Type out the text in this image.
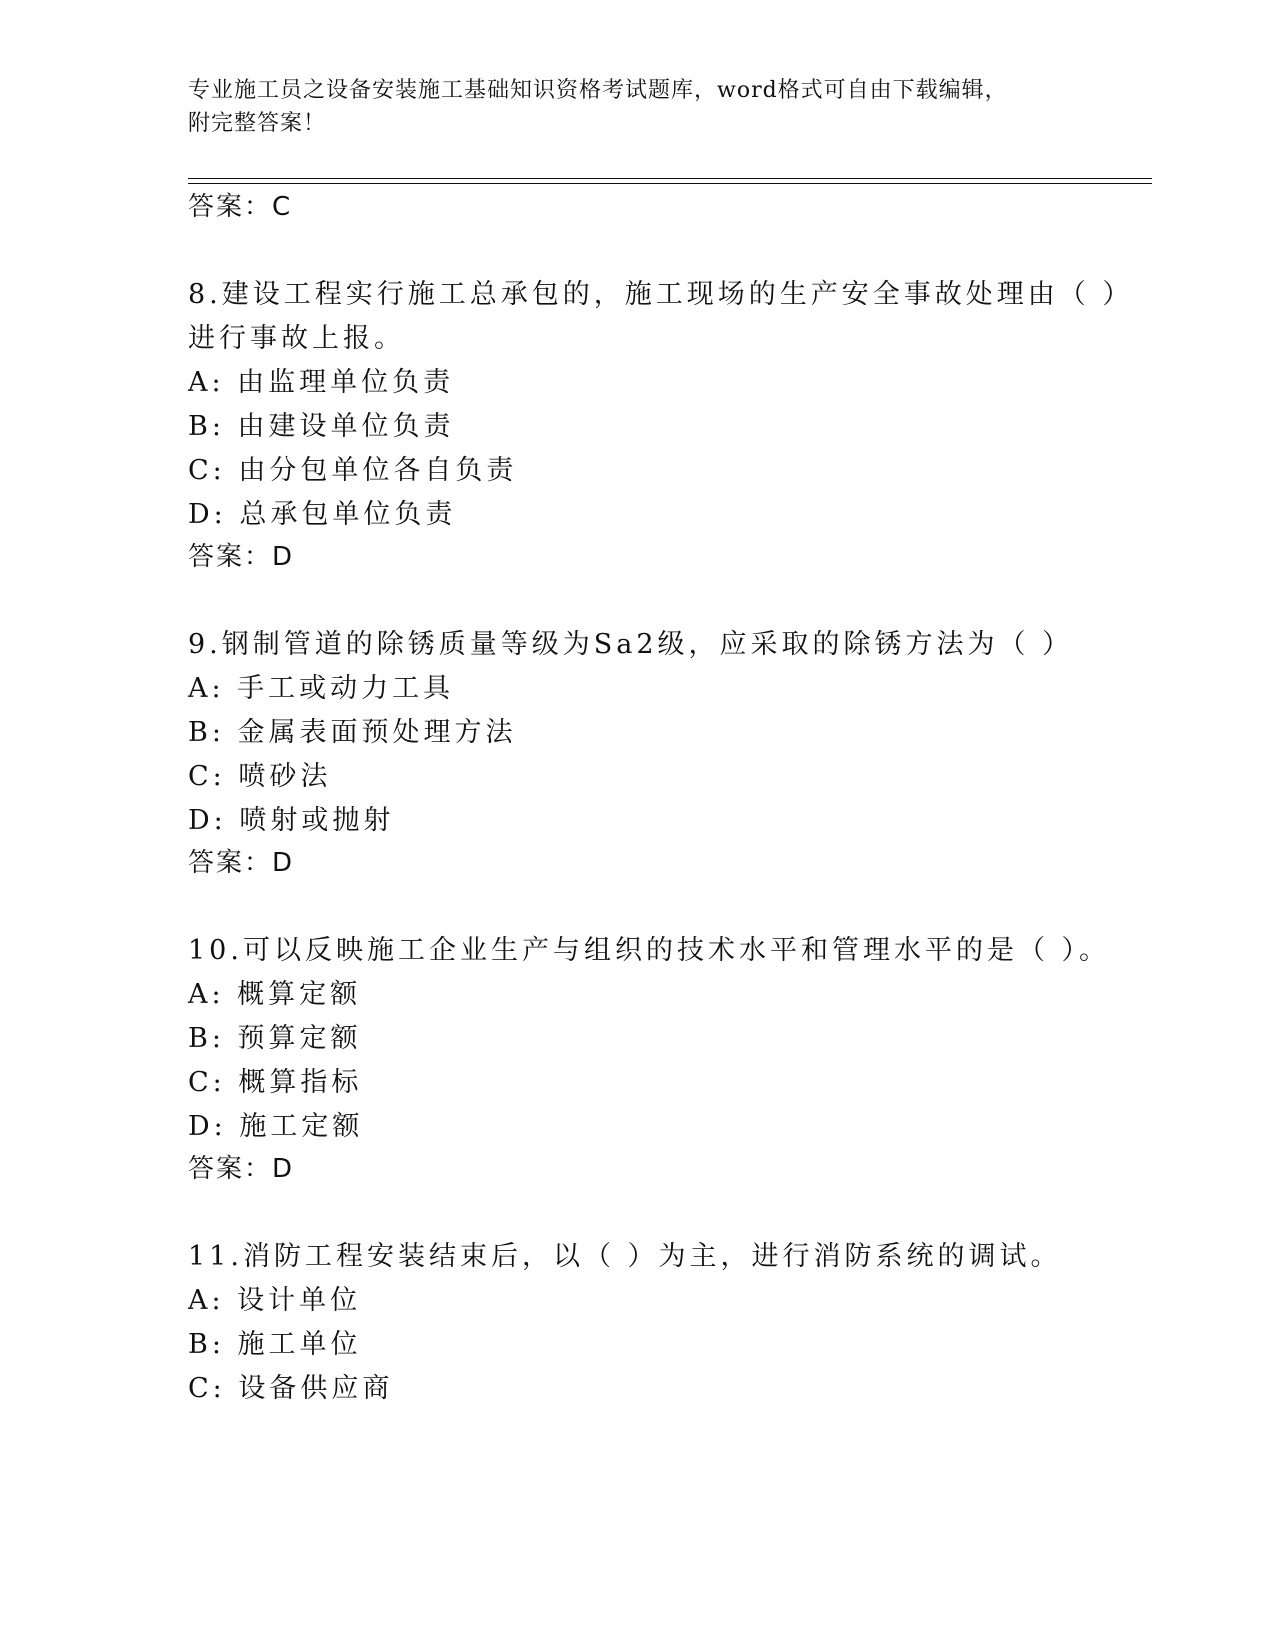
专业施工员之设备安装施工基础知识资格考试题库，word格式可自由下载编辑，
附完整答案！
答案：C
8.建设工程实行施工总承包的，施工现场的生产安全事故处理由（ ）
进行事故上报。
A: 由监理单位负责
B: 由建设单位负责
C: 由分包单位各自负责
D: 总承包单位负责
答案：D
9.钢制管道的除锈质量等级为Sa2级，应采取的除锈方法为（ ）
A: 手工或动力工具
B: 金属表面预处理方法
C: 喷砂法
D: 喷射或抛射
答案：D
10.可以反映施工企业生产与组织的技术水平和管理水平的是（ ）。
A: 概算定额
B: 预算定额
C: 概算指标
D: 施工定额
答案：D
11.消防工程安装结束后，以（ ）为主，进行消防系统的调试。
A: 设计单位
B: 施工单位
C: 设备供应商
